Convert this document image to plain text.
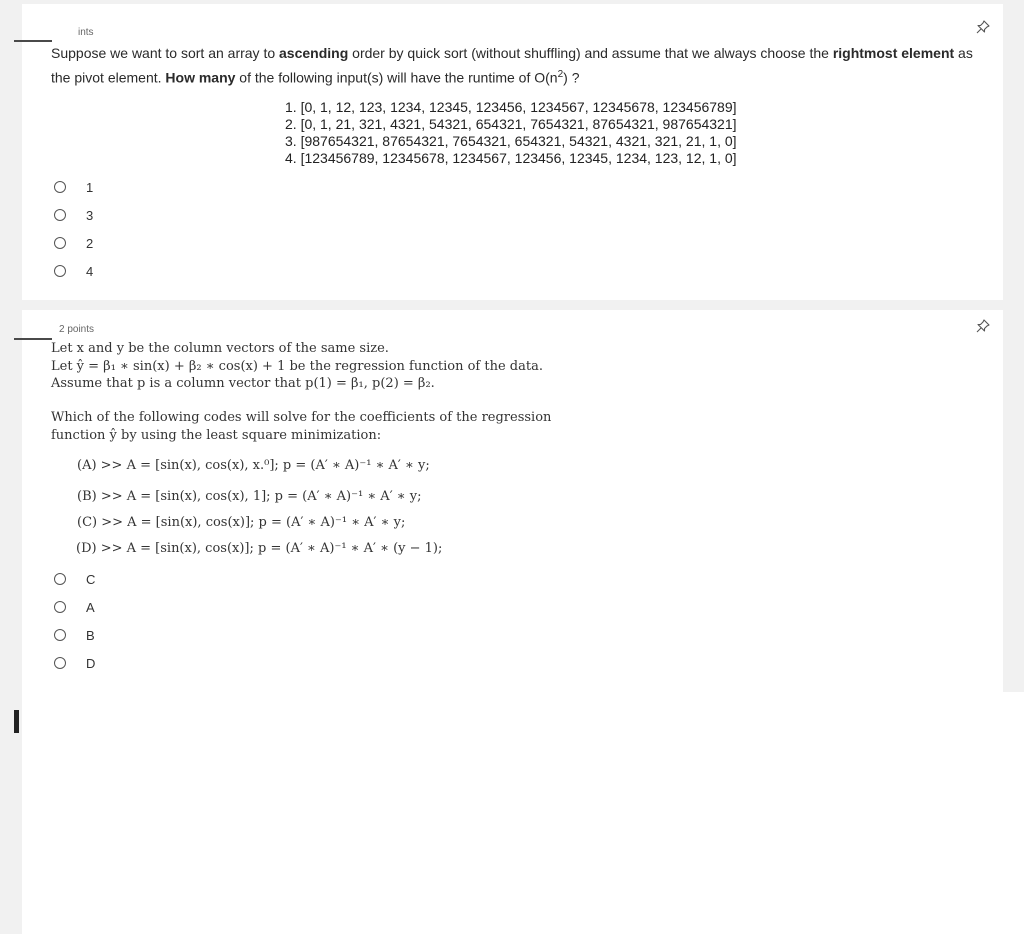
ints
Suppose we want to sort an array to ascending order by quick sort (without shuffling) and assume that we always choose the rightmost element as the pivot element. How many of the following input(s) will have the runtime of $O(n^2)$ ?
1. [0, 1, 12, 123, 1234, 12345, 123456, 1234567, 12345678, 123456789]
2. [0, 1, 21, 321, 4321, 54321, 654321, 7654321, 87654321, 987654321]
3. [987654321, 87654321, 7654321, 654321, 54321, 4321, 321, 21, 1, 0]
4. [123456789, 12345678, 1234567, 123456, 12345, 1234, 123, 12, 1, 0]
1
3
2
4
2 points
Let x and y be the column vectors of the same size.
Let ŷ = β₁ ∗ sin(x) + β₂ ∗ cos(x) + 1 be the regression function of the data.
Assume that p is a column vector that p(1) = β₁, p(2) = β₂.
Which of the following codes will solve for the coefficients of the regression
function ŷ by using the least square minimization:
(A) >> A = [sin(x), cos(x), x.⁰]; p = (A′ ∗ A)⁻¹ ∗ A′ ∗ y;
(B) >> A = [sin(x), cos(x), 1]; p = (A′ ∗ A)⁻¹ ∗ A′ ∗ y;
(C) >> A = [sin(x), cos(x)]; p = (A′ ∗ A)⁻¹ ∗ A′ ∗ y;
(D) >> A = [sin(x), cos(x)]; p = (A′ ∗ A)⁻¹ ∗ A′ ∗ (y − 1);
C
A
B
D
